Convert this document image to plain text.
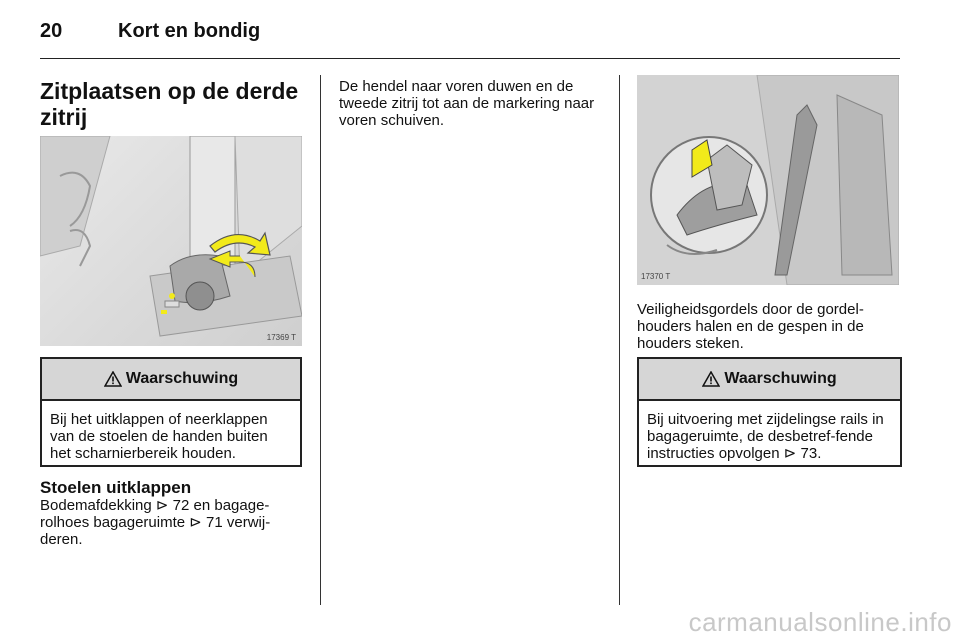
20	Kort en bondig
Zitplaatsen op de derde zitrij
17369 T
Waarschuwing
Bij het uitklappen of neerklappen van de stoelen de handen buiten het scharnierbereik houden.
Stoelen uitklappen
Bodemafdekking ⊳ 72 en bagage-rolhoes bagageruimte ⊳ 71 verwij-deren.
De hendel naar voren duwen en de tweede zitrij tot aan de markering naar voren schuiven.
17370 T
Veiligheidsgordels door de gordel-houders halen en de gespen in de houders steken.
Waarschuwing
Bij uitvoering met zijdelingse rails in bagageruimte, de desbetref-fende instructies opvolgen ⊳ 73.
carmanualsonline.info
